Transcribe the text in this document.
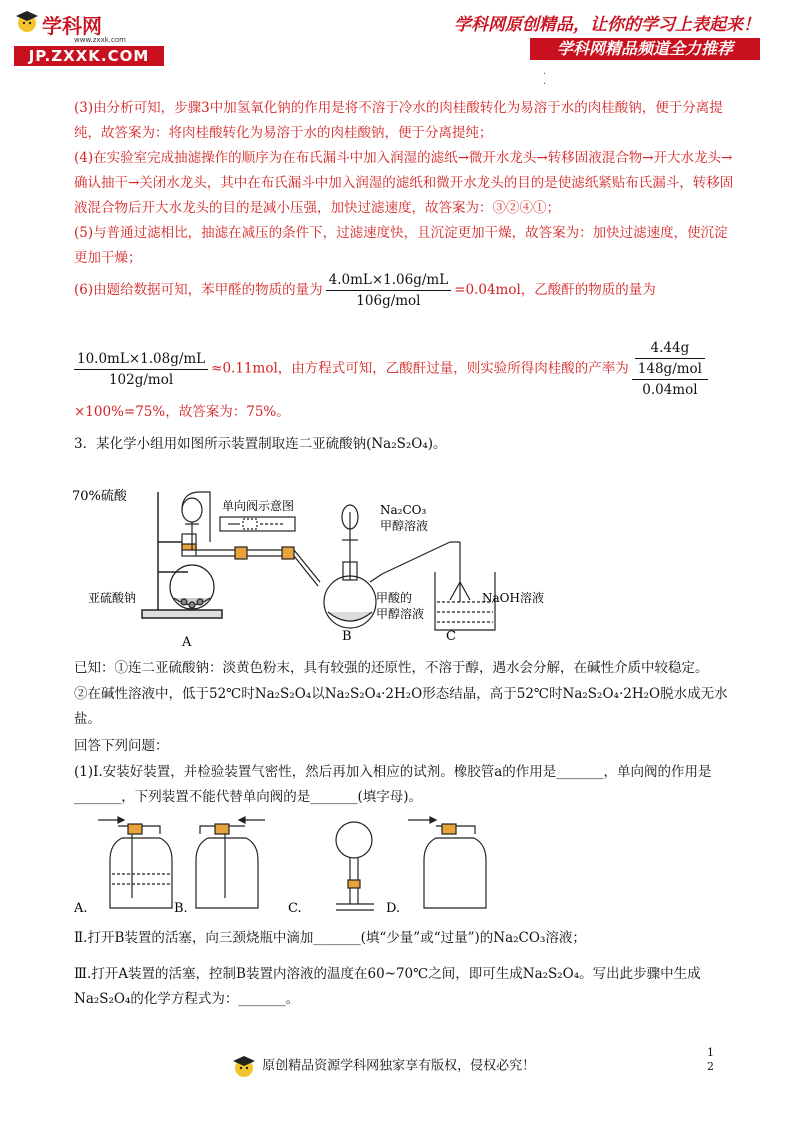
学科网
www.zxxk.com
JP.ZXXK.COM
学科网原创精品，让你的学习上表起来！
学科网精品频道全力推荐
·
·
(3)由分析可知，步骤3中加氢氧化钠的作用是将不溶于冷水的肉桂酸转化为易溶于水的肉桂酸钠，便于分离提纯，故答案为：将肉桂酸转化为易溶于水的肉桂酸钠，便于分离提纯；
(4)在实验室完成抽滤操作的顺序为在布氏漏斗中加入润湿的滤纸→微开水龙头→转移固液混合物→开大水龙头→确认抽干→关闭水龙头，其中在布氏漏斗中加入润湿的滤纸和微开水龙头的目的是使滤纸紧贴布氏漏斗，转移固液混合物后开大水龙头的目的是减小压强，加快过滤速度，故答案为：③②④①；
(5)与普通过滤相比，抽滤在减压的条件下，过滤速度快，且沉淀更加干燥，故答案为：加快过滤速度，使沉淀更加干燥；
(6)由题给数据可知，苯甲醛的物质的量为 $\frac{4.0mL\times 1.06g/mL}{\text{106g/mol}} =0.04mol$，乙酸酐的物质的量为
$\frac{10.0mL\times 1.08g/mL}{\text{102g/mol}} \approx 0.11mol$，由方程式可知，乙酸酐过量，则实验所得肉桂酸的产率为 $\frac{\frac{4.44g}{\text{148g/mol}}}{\text{0.04mol}}$
×100%=75%，故答案为：75%。
3．某化学小组用如图所示装置制取连二亚硫酸钠(Na₂S₂O₄)。
70%硫酸
单向阀示意图	Na₂CO₃
甲醇溶液
亚硫酸钠	甲酸的
甲醇溶液
NaOH溶液
A	B	C
已知：①连二亚硫酸钠：淡黄色粉末，具有较强的还原性，不溶于醇，遇水会分解，在碱性介质中较稳定。
②在碱性溶液中，低于52℃时Na₂S₂O₄以Na₂S₂O₄·2H₂O形态结晶，高于52℃时Na₂S₂O₄·2H₂O脱水成无水盐。
回答下列问题：
(1)Ⅰ.安装好装置，并检验装置气密性，然后再加入相应的试剂。橡胶管a的作用是_______，单向阀的作用是_______，下列装置不能代替单向阀的是_______(填字母)。
A.	B.	C.	D.
Ⅱ.打开B装置的活塞，向三颈烧瓶中滴加_______(填“少量”或“过量”)的Na₂CO₃溶液；
Ⅲ.打开A装置的活塞，控制B装置内溶液的温度在60~70℃之间，即可生成Na₂S₂O₄。写出此步骤中生成
Na₂S₂O₄的化学方程式为：_______。
原创精品资源学科网独家享有版权，侵权必究！
1
2
